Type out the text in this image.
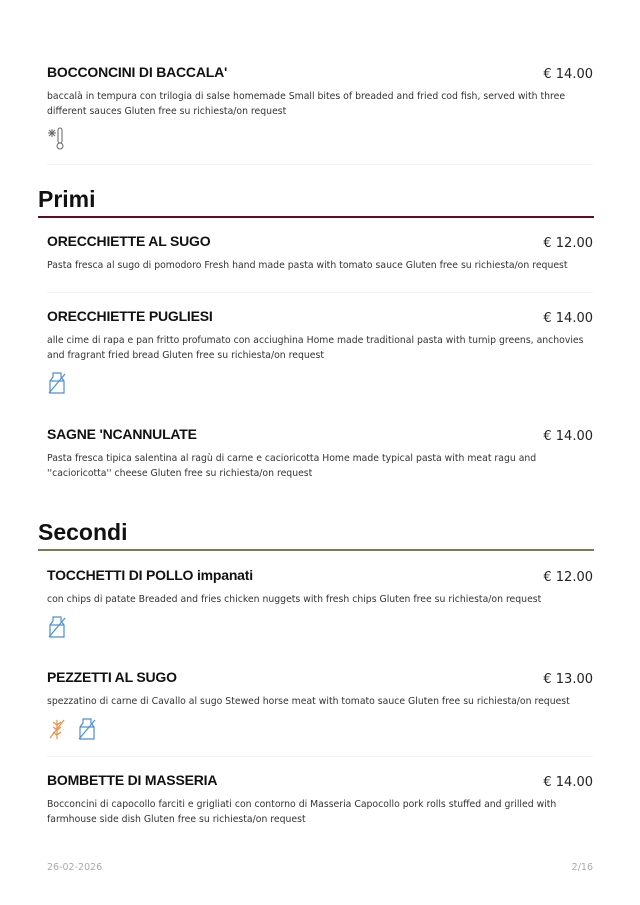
BOCCONCINI DI BACCALA'	€ 14.00
baccalà in tempura con trilogia di salse homemade Small bites of breaded and fried cod fish, served with three different sauces Gluten free su richiesta/on request
Primi
ORECCHIETTE AL SUGO	€ 12.00
Pasta fresca al sugo di pomodoro Fresh hand made pasta with tomato sauce Gluten free su richiesta/on request
ORECCHIETTE PUGLIESI	€ 14.00
alle cime di rapa e pan fritto profumato con acciughina Home made traditional pasta with turnip greens, anchovies and fragrant fried bread Gluten free su richiesta/on request
SAGNE 'NCANNULATE	€ 14.00
Pasta fresca tipica salentina al ragù di carne e cacioricotta Home made typical pasta with meat ragu and ''cacioricotta'' cheese Gluten free su richiesta/on request
Secondi
TOCCHETTI DI POLLO impanati	€ 12.00
con chips di patate Breaded and fries chicken nuggets with fresh chips Gluten free su richiesta/on request
PEZZETTI AL SUGO	€ 13.00
spezzatino di carne di Cavallo al sugo Stewed horse meat with tomato sauce Gluten free su richiesta/on request
BOMBETTE DI MASSERIA	€ 14.00
Bocconcini di capocollo farciti e grigliati con contorno di Masseria Capocollo pork rolls stuffed and grilled with farmhouse side dish Gluten free su richiesta/on request
26-02-2026	2/16
